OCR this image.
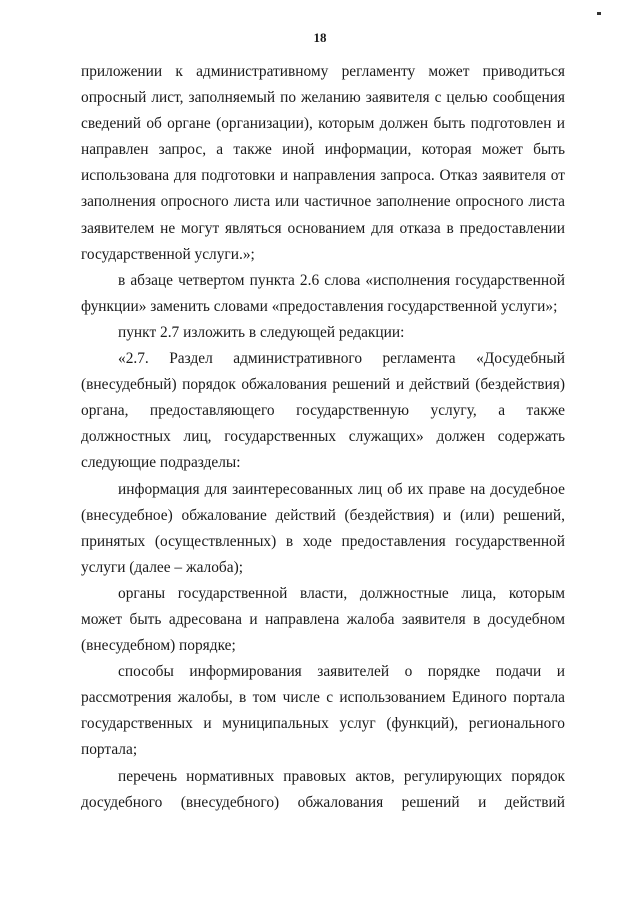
18

приложении к административному регламенту может приводиться опросный лист, заполняемый по желанию заявителя с целью сообщения сведений об органе (организации), которым должен быть подготовлен и направлен запрос, а также иной информации, которая может быть использована для подготовки и направления запроса. Отказ заявителя от заполнения опросного листа или частичное заполнение опросного листа заявителем не могут являться основанием для отказа в предоставлении государственной услуги.»;

в абзаце четвертом пункта 2.6 слова «исполнения государственной функции» заменить словами «предоставления государственной услуги»;

пункт 2.7 изложить в следующей редакции:

«2.7. Раздел административного регламента «Досудебный (внесудебный) порядок обжалования решений и действий (бездействия) органа, предоставляющего государственную услугу, а также должностных лиц, государственных служащих» должен содержать следующие подразделы:

информация для заинтересованных лиц об их праве на досудебное (внесудебное) обжалование действий (бездействия) и (или) решений, принятых (осуществленных) в ходе предоставления государственной услуги (далее – жалоба);

органы государственной власти, должностные лица, которым может быть адресована и направлена жалоба заявителя в досудебном (внесудебном) порядке;

способы информирования заявителей о порядке подачи и рассмотрения жалобы, в том числе с использованием Единого портала государственных и муниципальных услуг (функций), регионального портала;

перечень нормативных правовых актов, регулирующих порядок досудебного (внесудебного) обжалования решений и действий
